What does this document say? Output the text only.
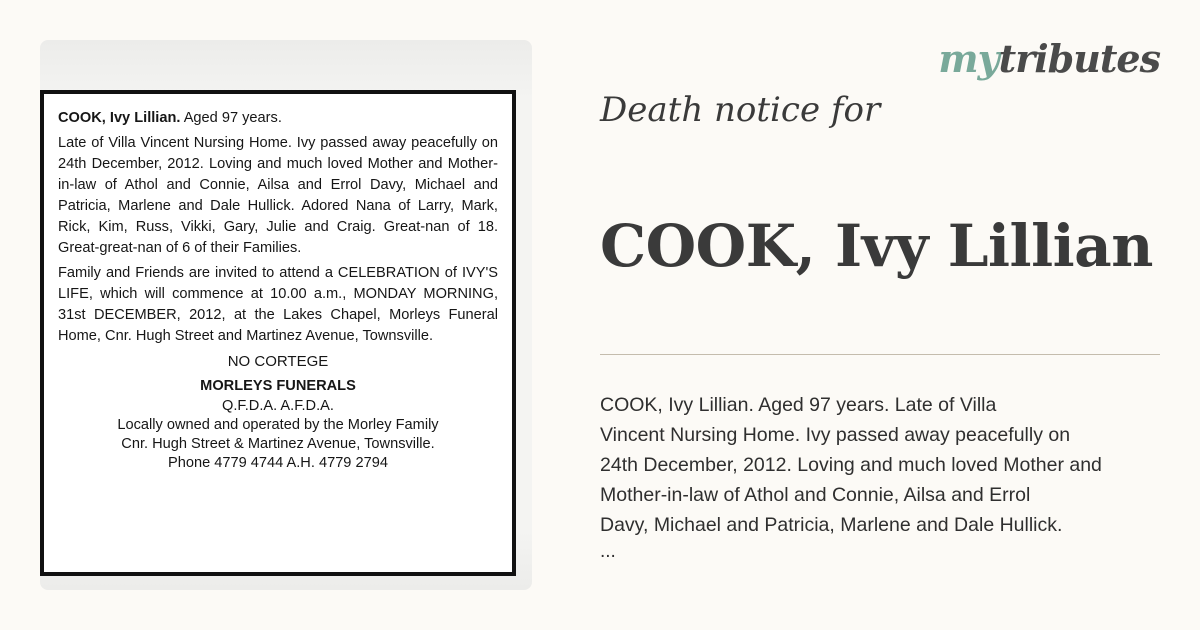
COOK, Ivy Lillian. Aged 97 years.
Late of Villa Vincent Nursing Home. Ivy passed away peacefully on 24th December, 2012. Loving and much loved Mother and Mother-in-law of Athol and Connie, Ailsa and Errol Davy, Michael and Patricia, Marlene and Dale Hullick. Adored Nana of Larry, Mark, Rick, Kim, Russ, Vikki, Gary, Julie and Craig. Great-nan of 18. Great-great-nan of 6 of their Families.
Family and Friends are invited to attend a CELEBRATION of IVY'S LIFE, which will commence at 10.00 a.m., MONDAY MORNING, 31st DECEMBER, 2012, at the Lakes Chapel, Morleys Funeral Home, Cnr. Hugh Street and Martinez Avenue, Townsville.
NO CORTEGE
MORLEYS FUNERALS
Q.F.D.A. A.F.D.A.
Locally owned and operated by the Morley Family
Cnr. Hugh Street & Martinez Avenue, Townsville.
Phone 4779 4744 A.H. 4779 2794
mytributes
Death notice for
COOK, Ivy Lillian
COOK, Ivy Lillian. Aged 97 years. Late of Villa
Vincent Nursing Home. Ivy passed away peacefully on
24th December, 2012. Loving and much loved Mother and
Mother-in-law of Athol and Connie, Ailsa and Errol
Davy, Michael and Patricia, Marlene and Dale Hullick.
...
